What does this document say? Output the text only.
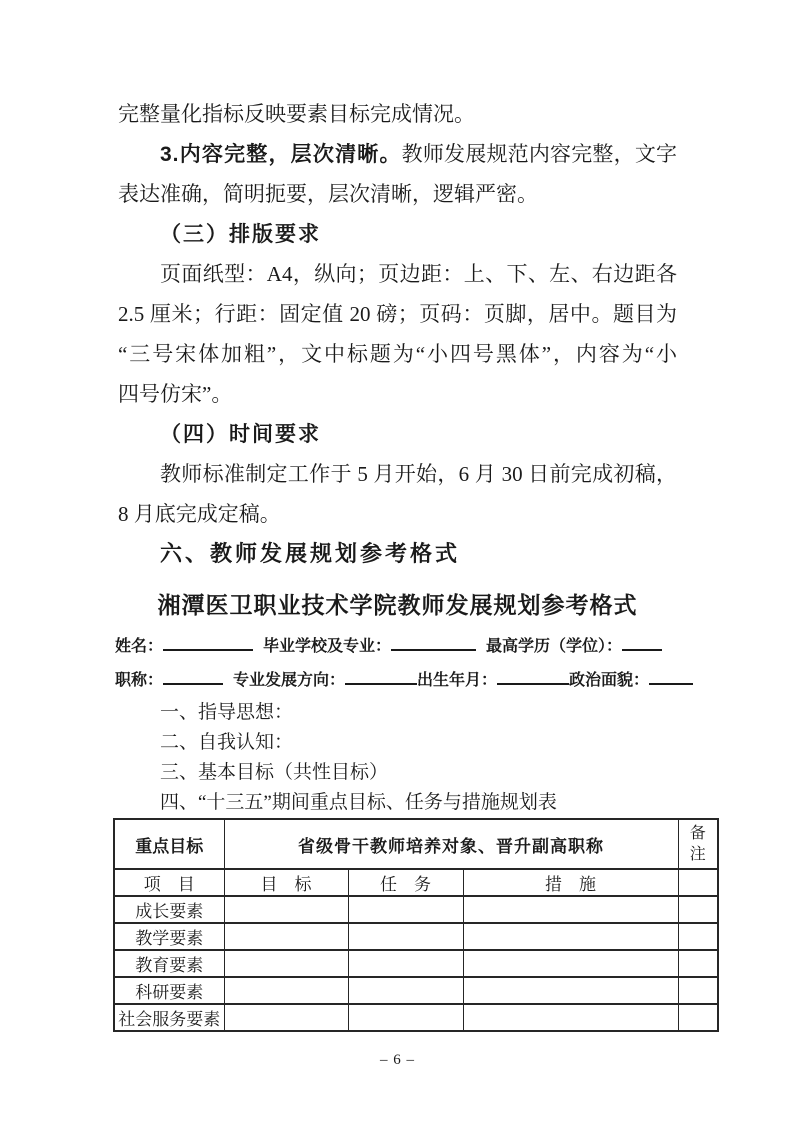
完整量化指标反映要素目标完成情况。

3.内容完整，层次清晰。教师发展规范内容完整，文字

表达准确，简明扼要，层次清晰，逻辑严密。

（三）排版要求

页面纸型：A4，纵向；页边距：上、下、左、右边距各

2.5 厘米；行距：固定值 20 磅；页码：页脚，居中。题目为

“三号宋体加粗”，文中标题为“小四号黑体”，内容为“小

四号仿宋”。

（四）时间要求

教师标准制定工作于 5 月开始，6 月 30 日前完成初稿，

8 月底完成定稿。

六、教师发展规划参考格式

湘潭医卫职业技术学院教师发展规划参考格式
姓名：	毕业学校及专业：	最高学历（学位）：
职称：	专业发展方向：	出生年月：	政治面貌：

一、指导思想：

二、自我认知：

三、基本目标（共性目标）

四、“十三五”期间重点目标、任务与措施规划表

重点目标	省级骨干教师培养对象、晋升副高职称			备注

项　目	目　标	任　务	措　施	
成长要素				
教学要素				
教育要素				
科研要素				
社会服务要素				
– 6 –
